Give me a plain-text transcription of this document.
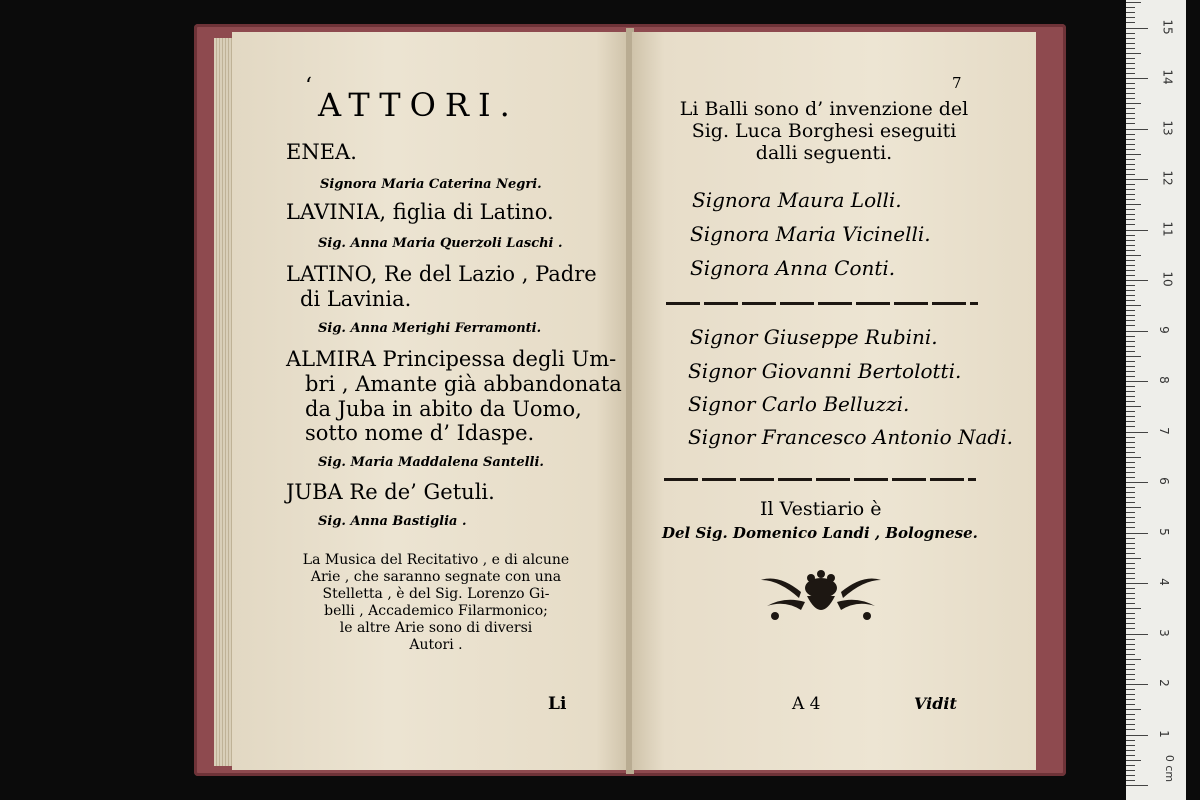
‘ ATTORI.
ENEA.
Signora Maria Caterina Negri.
LAVINIA, figlia di Latino.
Sig. Anna Maria Querzoli Laschi .
LATINO, Re del Lazio , Padre
di Lavinia.
Sig. Anna Merighi Ferramonti.
ALMIRA Principessa degli Um-
bri , Amante già abbandonata
da Juba in abito da Uomo,
sotto nome d’ Idaspe.
Sig. Maria Maddalena Santelli.
JUBA Re de’ Getuli.
Sig. Anna Bastiglia .
La Musica del Recitativo , e di alcune
Arie , che saranno segnate con una
Stelletta , è del Sig. Lorenzo Gi-
belli , Accademico Filarmonico;
le altre Arie sono di diversi
Autori .
Li
7
Li Balli sono d’ invenzione del
Sig. Luca Borghesi eseguiti
dalli seguenti.
Signora Maura Lolli.
Signora Maria Vicinelli.
Signora Anna Conti.
Signor Giuseppe Rubini.
Signor Giovanni Bertolotti.
Signor Carlo Belluzzi.
Signor Francesco Antonio Nadi.
Il Vestiario è
Del Sig. Domenico Landi , Bolognese.
A 4	Vidit
1
2
3
4
5
6
7
8
9
10
11
12
13
14
15
0 cm
